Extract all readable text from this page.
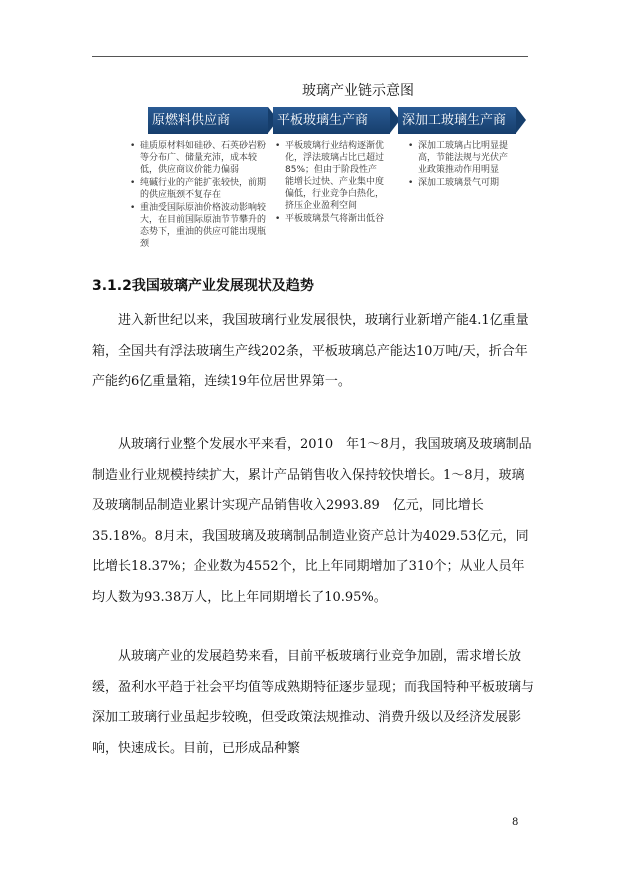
玻璃产业链示意图
原燃料供应商	平板玻璃生产商	深加工玻璃生产商
• 硅质原材料如硅砂、石英砂岩粉等分布广、储量充沛，成本较低，供应商议价能力偏弱
• 纯碱行业的产能扩张较快，前期的供应瓶颈不复存在
• 重油受国际原油价格波动影响较大，在目前国际原油节节攀升的态势下，重油的供应可能出现瓶颈
• 平板玻璃行业结构逐渐优化，浮法玻璃占比已超过85%；但由于阶段性产能增长过快、产业集中度偏低，行业竞争白热化，挤压企业盈利空间
• 平板玻璃景气将渐出低谷
• 深加工玻璃占比明显提高，节能法规与光伏产业政策推动作用明显
• 深加工玻璃景气可期
3.1.2我国玻璃产业发展现状及趋势

　　进入新世纪以来，我国玻璃行业发展很快，玻璃行业新增产能4.1亿重量箱，全国共有浮法玻璃生产线202条，平板玻璃总产能达10万吨/天，折合年产能约6亿重量箱，连续19年位居世界第一。

　　从玻璃行业整个发展水平来看，2010　年1～8月，我国玻璃及玻璃制品制造业行业规模持续扩大，累计产品销售收入保持较快增长。1～8月，玻璃及玻璃制品制造业累计实现产品销售收入2993.89　亿元，同比增长35.18%。8月末，我国玻璃及玻璃制品制造业资产总计为4029.53亿元，同比增长18.37%；企业数为4552个，比上年同期增加了310个；从业人员年均人数为93.38万人，比上年同期增长了10.95%。

　　从玻璃产业的发展趋势来看，目前平板玻璃行业竞争加剧，需求增长放缓，盈利水平趋于社会平均值等成熟期特征逐步显现；而我国特种平板玻璃与深加工玻璃行业虽起步较晚，但受政策法规推动、消费升级以及经济发展影响，快速成长。目前，已形成品种繁

8
